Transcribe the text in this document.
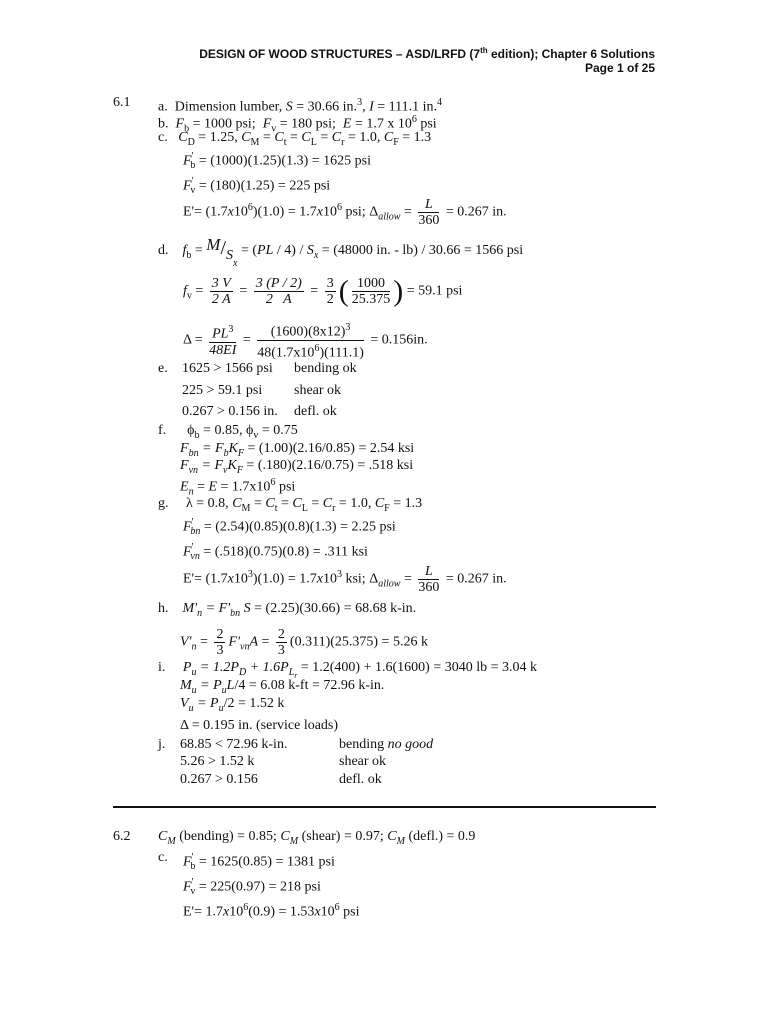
DESIGN OF WOOD STRUCTURES – ASD/LRFD (7th edition); Chapter 6 Solutions
Page 1 of 25
6.1 a. Dimension lumber, S = 30.66 in.$^3$, I = 111.1 in.$^4$
b. $F_b = 1000$ psi; $F_v = 180$ psi; E = 1.7 x $10^6$ psi
c. $C_D = 1.25$, $C_M = C_t = C_L = C_r = 1.0$, $C_F = 1.3$
$F'_b = (1000)(1.25)(1.3) = 1625$ psi
$F'_v = (180)(1.25) = 225$ psi
$E'= (1.7x10^6)(1.0) = 1.7x10^6$ psi; $\Delta_{allow} = \frac{L}{360} = 0.267$ in.
d. $f_b = M/S_x = (PL / 4) / S_x = (48000$ in. - lb) / 30.66 = 1566 psi
$f_v = \frac{3 V}{2 A} = \frac{3 (P / 2)}{2 A} = \frac{3}{2}$ ( $\frac{1000}{25.375}$ ) = 59.1 psi
$\Delta = \frac{PL^3}{48EI} = \frac{(1600)(8x12)^3}{48(1.7x10^6)(111.1)} = 0.156in$.
e. 1625 > 1566 psi bending ok
225 > 59.1 psi shear ok
0.267 > 0.156 in. defl. ok
f. $\phi_b = 0.85$, $\phi_v = 0.75$
$F_{bn} = F_bK_F = (1.00)(2.16/0.85) = 2.54$ ksi
$F_{vn} = F_vK_F = (.180)(2.16/0.75) = .518$ ksi
$E_n = E = 1.7x10^6$ psi
g. λ = 0.8, $C_M = C_t = C_L = C_r = 1.0$, $C_F = 1.3$
$F'_{bn} = (2.54)(0.85)(0.8)(1.3) = 2.25$ psi
$F'_{vn} = (.518)(0.75)(0.8) = .311$ ksi
$E'= (1.7x10^3)(1.0) = 1.7x10^3$ ksi; $\Delta_{allow} = \frac{L}{360} = 0.267$ in.
h. $M'_n = F'_{bn}$ S = (2.25)(30.66) = 68.68 k-in.
$V'_n = \frac{2}{3} F'_{vn}A = \frac{2}{3} (0.311)(25.375) = 5.26$ k
i. $P_u = 1.2P_D + 1.6P_{L_r} = 1.2(400) + 1.6(1600) = 3040$ lb = 3.04 k
$M_u = P_uL/4 = 6.08$ k-ft = 72.96 k-in.
$V_u = P_u/2 = 1.52$ k
Δ = 0.195 in. (service loads)
j. 68.85 < 72.96 k-in.	bending no good
5.26 > 1.52 k	shear ok
0.267 > 0.156	defl. ok
6.2 $C_M$ (bending) = 0.85; $C_M$ (shear) = 0.97; $C_M$ (defl.) = 0.9
c. $F'_b = 1625(0.85) = 1381$ psi
$F'_v = 225(0.97) = 218$ psi
$E'= 1.7x10^6(0.9) = 1.53x10^6$ psi
